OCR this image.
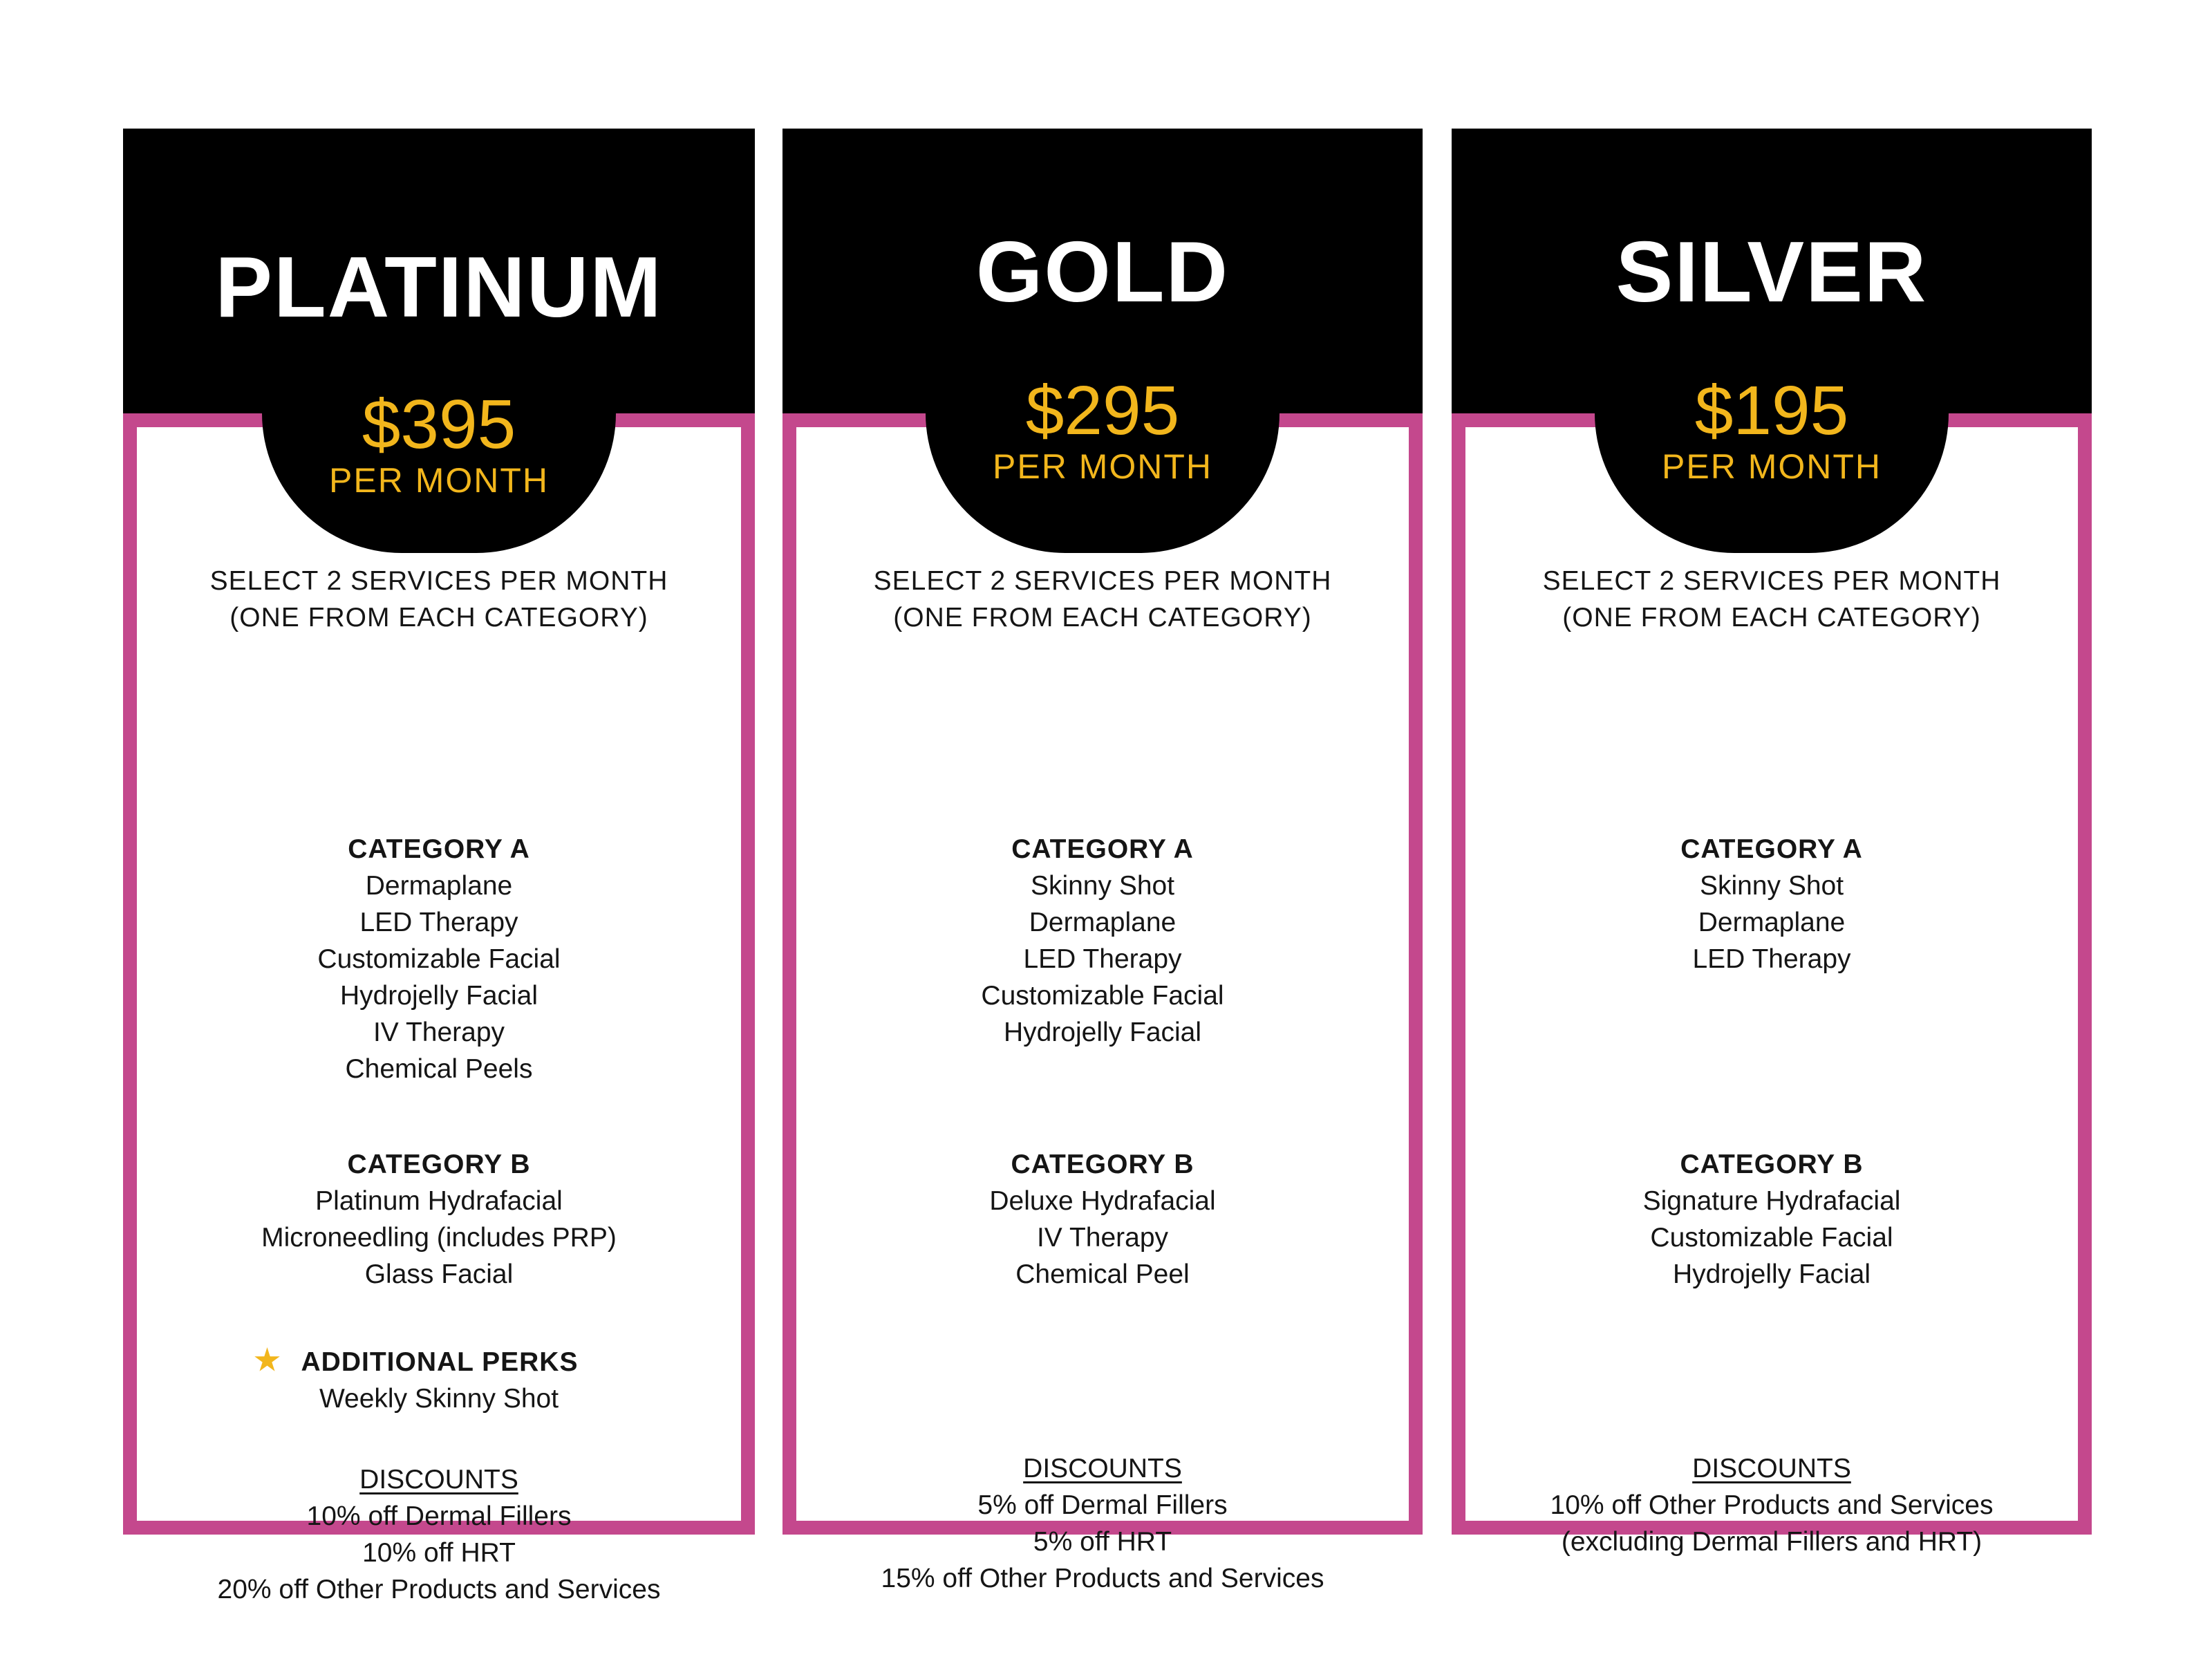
PLATINUM
$395
PER MONTH
SELECT 2 SERVICES PER MONTH
(ONE FROM EACH CATEGORY)
CATEGORY A
Dermaplane
LED Therapy
Customizable Facial
Hydrojelly Facial
IV Therapy
Chemical Peels
CATEGORY B
Platinum Hydrafacial
Microneedling (includes PRP)
Glass Facial
ADDITIONAL PERKS
Weekly Skinny Shot
DISCOUNTS
10% off Dermal Fillers
10% off HRT
20% off Other Products and Services
GOLD
$295
PER MONTH
SELECT 2 SERVICES PER MONTH
(ONE FROM EACH CATEGORY)
CATEGORY A
Skinny Shot
Dermaplane
LED Therapy
Customizable Facial
Hydrojelly Facial
CATEGORY B
Deluxe Hydrafacial
IV Therapy
Chemical Peel
DISCOUNTS
5% off Dermal Fillers
5% off HRT
15% off Other Products and Services
SILVER
$195
PER MONTH
SELECT 2 SERVICES PER MONTH
(ONE FROM EACH CATEGORY)
CATEGORY A
Skinny Shot
Dermaplane
LED Therapy
CATEGORY B
Signature Hydrafacial
Customizable Facial
Hydrojelly Facial
DISCOUNTS
10% off Other Products and Services
(excluding Dermal Fillers and HRT)
